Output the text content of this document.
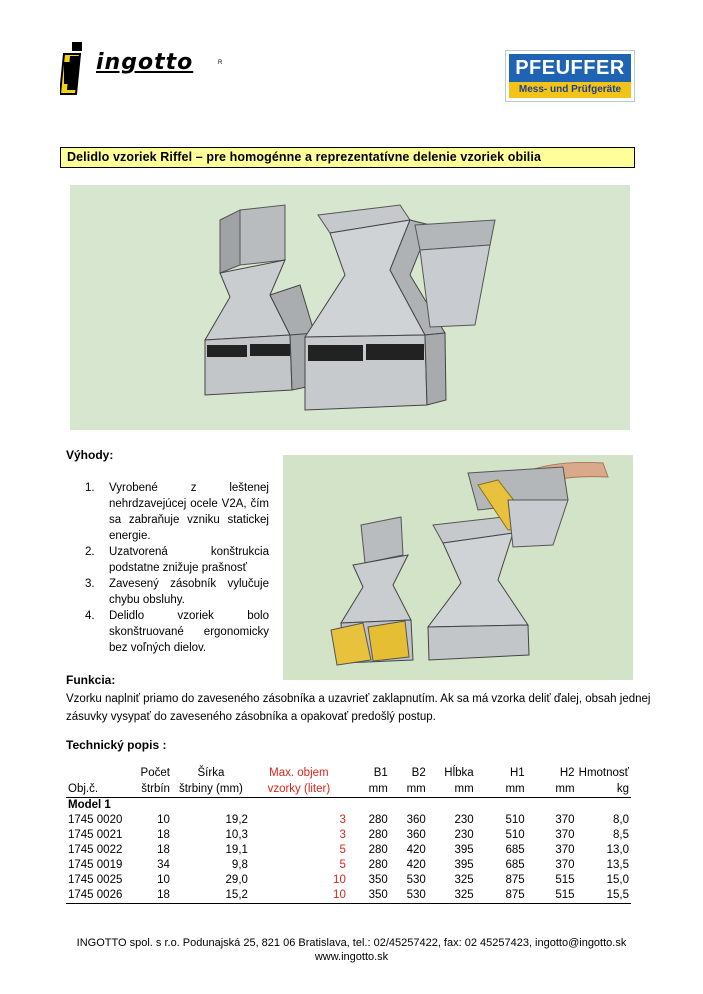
ingotto	R	PFEUFFER
Mess- und Prüfgeräte
Delidlo vzoriek Riffel – pre homogénne a reprezentatívne delenie vzoriek obilia
Výhody:
1. Vyrobené z leštenej nehrdzavejúcej ocele V2A, čím sa zabraňuje vzniku statickej energie.
2. Uzatvorená konštrukcia podstatne znižuje prašnosť
3. Zavesený zásobník vylučuje chybu obsluhy.
4. Delidlo vzoriek bolo skonštruované ergonomicky bez voľných dielov.
Funkcia:
Vzorku naplniť priamo do zaveseného zásobníka a uzavrieť zaklapnutím. Ak sa má vzorka deliť ďalej, obsah jednej zásuvky vysypať do zaveseného zásobníka a opakovať predošlý postup.
Technický popis :
	Počet	Šírka	Max. objem	B1	B2	Hĺbka	H1	H2	Hmotnosť
Obj.č.	štrbín	štrbiny (mm)	vzorky (liter)	mm	mm	mm	mm	mm	kg
Model 1									
1745 0020	10	19,2	3	280	360	230	510	370	8,0
1745 0021	18	10,3	3	280	360	230	510	370	8,5
1745 0022	18	19,1	5	280	420	395	685	370	13,0
1745 0019	34	9,8	5	280	420	395	685	370	13,5
1745 0025	10	29,0	10	350	530	325	875	515	15,0
1745 0026	18	15,2	10	350	530	325	875	515	15,5
INGOTTO spol. s r.o. Podunajská 25, 821 06 Bratislava, tel.: 02/45257422, fax: 02 45257423, ingotto@ingotto.sk
www.ingotto.sk
